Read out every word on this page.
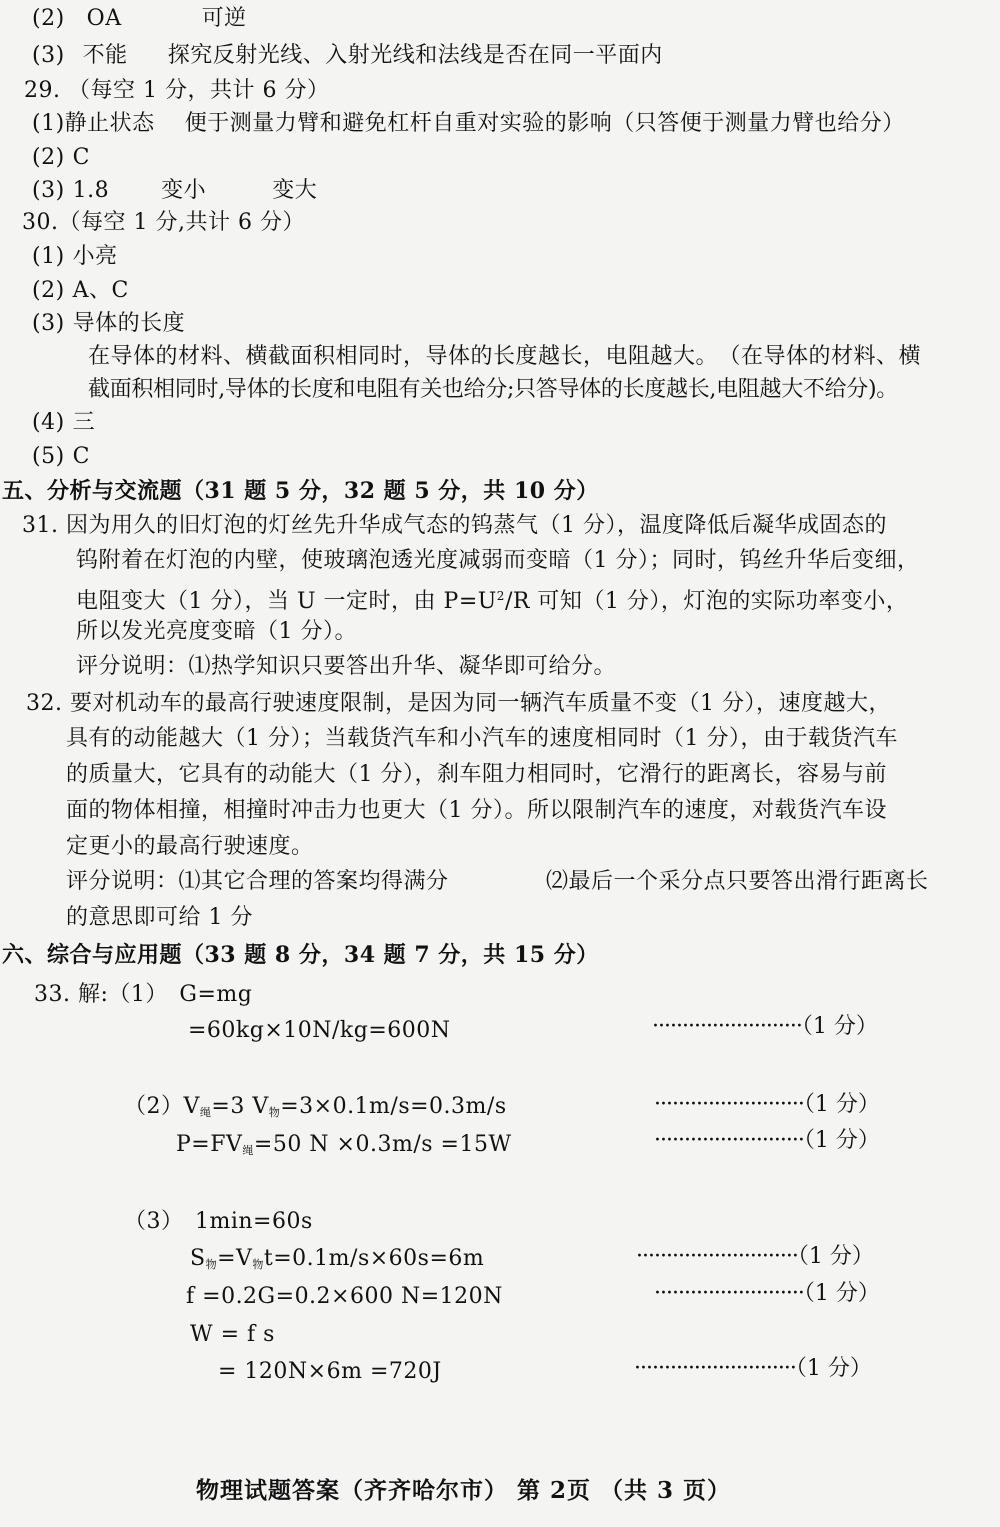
(2) OA	可逆
(3) 不能 探究反射光线、入射光线和法线是否在同一平面内
29. （每空 1 分，共计 6 分）
(1)静止状态 便于测量力臂和避免杠杆自重对实验的影响（只答便于测量力臂也给分）
(2) C
(3) 1.8 变小	变大
30.（每空 1 分,共计 6 分）
(1) 小亮
(2) A、C
(3) 导体的长度
在导体的材料、横截面积相同时，导体的长度越长，电阻越大。　（在导体的材料、横
截面积相同时,导体的长度和电阻有关也给分;只答导体的长度越长,电阻越大不给分)。
(4) 三
(5) C
五、分析与交流题（31 题 5 分，32 题 5 分，共 10 分）
31. 因为用久的旧灯泡的灯丝先升华成气态的钨蒸气（1 分），温度降低后凝华成固态的
钨附着在灯泡的内壁，使玻璃泡透光度减弱而变暗（1 分）；同时，钨丝升华后变细，
电阻变大（1 分），当 U 一定时，由 $P=U^2/R$ 可知（1 分），灯泡的实际功率变小，
所以发光亮度变暗（1 分）。
评分说明：⑴热学知识只要答出升华、凝华即可给分。
32. 要对机动车的最高行驶速度限制，是因为同一辆汽车质量不变（1 分），速度越大，
具有的动能越大（1 分）；当载货汽车和小汽车的速度相同时（1 分），由于载货汽车
的质量大，它具有的动能大（1 分），刹车阻力相同时，它滑行的距离长，容易与前
面的物体相撞，相撞时冲击力也更大（1 分）。所以限制汽车的速度，对载货汽车设
定更小的最高行驶速度。
评分说明：⑴其它合理的答案均得满分	⑵最后一个采分点只要答出滑行距离长
的意思即可给 1 分
六、综合与应用题（33 题 8 分，34 题 7 分，共 15 分）
33. 解:（1）　G=mg
=60kg×10N/kg=600N	·························（1 分）
$(2)V_绳=3$ $V_物=3\times 0.1m/s=0.3m/s$	·························（1 分）
$P=FV_绳=50$ N ×0.3m/s =15W	·························（1 分）
（3）　1min=60s
$S_物=V_物t=0.1m/s\times 60s=6m$	···························（1 分）
f =0.2G=0.2×600 N=120N	·························（1 分）
W = f s
= 120N×6m =720J	···························（1 分）
物理试题答案（齐齐哈尔市） 第 2页 （共 3 页）
